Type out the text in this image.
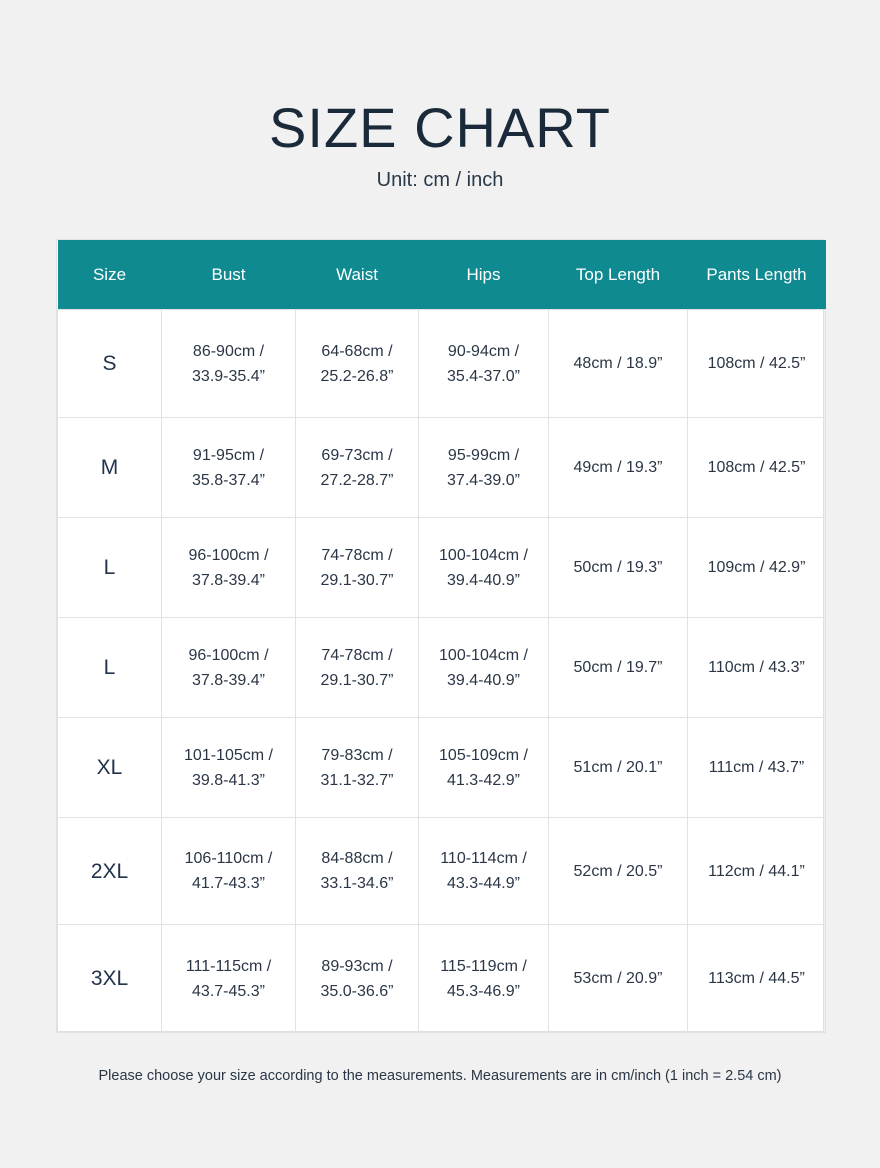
SIZE CHART
Unit: cm / inch
Size	Bust	Waist	Hips	Top Length	Pants Length
S	86-90cm /
33.9-35.4”	64-68cm /
25.2-26.8”	90-94cm /
35.4-37.0”	48cm / 18.9”	108cm / 42.5”
M	91-95cm /
35.8-37.4”	69-73cm /
27.2-28.7”	95-99cm /
37.4-39.0”	49cm / 19.3”	108cm / 42.5”
L	96-100cm /
37.8-39.4”	74-78cm /
29.1-30.7”	100-104cm /
39.4-40.9”	50cm / 19.3”	109cm / 42.9”
L	96-100cm /
37.8-39.4”	74-78cm /
29.1-30.7”	100-104cm /
39.4-40.9”	50cm / 19.7”	110cm / 43.3”
XL	101-105cm /
39.8-41.3”	79-83cm /
31.1-32.7”	105-109cm /
41.3-42.9”	51cm / 20.1”	111cm / 43.7”
2XL	106-110cm /
41.7-43.3”	84-88cm /
33.1-34.6”	110-114cm /
43.3-44.9”	52cm / 20.5”	112cm / 44.1”
3XL	111-115cm /
43.7-45.3”	89-93cm /
35.0-36.6”	115-119cm /
45.3-46.9”	53cm / 20.9”	113cm / 44.5”
Please choose your size according to the measurements. Measurements are in cm/inch (1 inch = 2.54 cm)
